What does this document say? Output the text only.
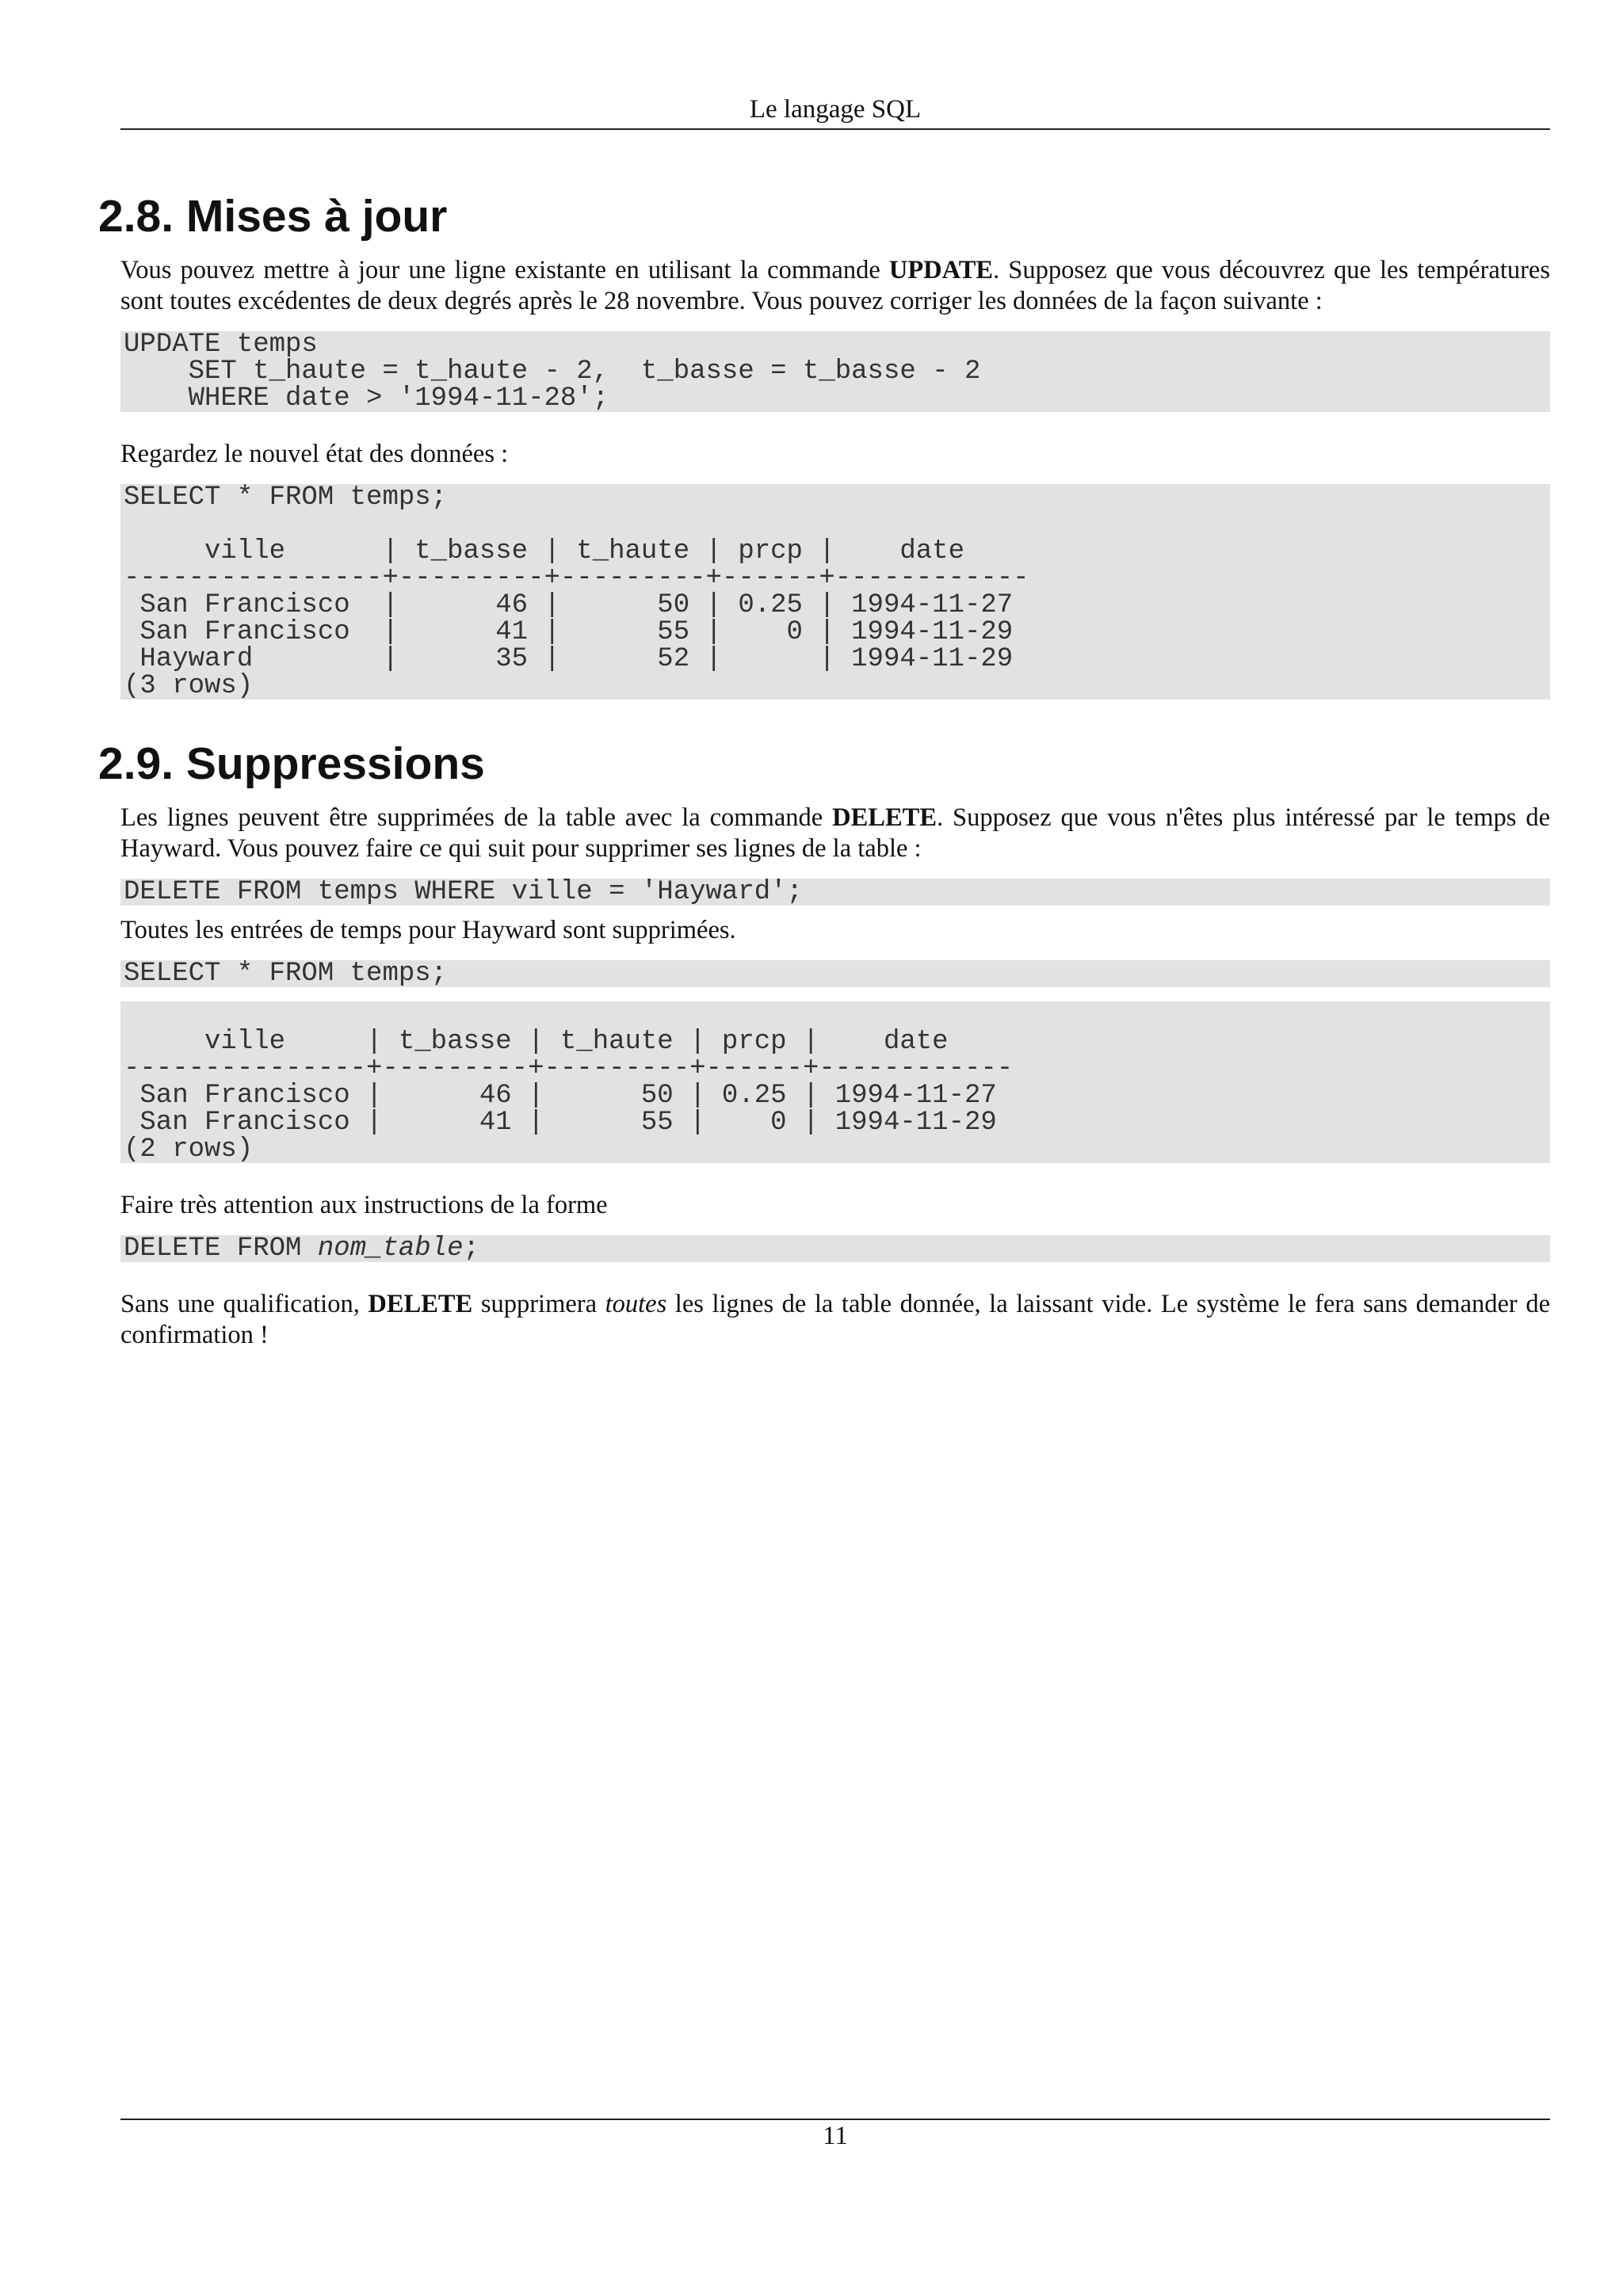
Le langage SQL
2.8. Mises à jour

Vous pouvez mettre à jour une ligne existante en utilisant la commande UPDATE. Supposez que vous découvrez que les températures sont toutes excédentes de deux degrés après le 28 novembre. Vous pouvez corriger les données de la façon suivante :

UPDATE temps
SET t_haute = t_haute - 2,  t_basse = t_basse - 2
WHERE date > '1994-11-28';

Regardez le nouvel état des données :

SELECT * FROM temps;

ville      | t_basse | t_haute | prcp |    date
----------------+---------+---------+------+------------
San Francisco  |      46 |      50 | 0.25 | 1994-11-27
San Francisco  |      41 |      55 |    0 | 1994-11-29
Hayward        |      35 |      52 |      | 1994-11-29
(3 rows)
2.9. Suppressions

Les lignes peuvent être supprimées de la table avec la commande DELETE. Supposez que vous n'êtes plus intéressé par le temps de Hayward. Vous pouvez faire ce qui suit pour supprimer ses lignes de la table :

DELETE FROM temps WHERE ville = 'Hayward';

Toutes les entrées de temps pour Hayward sont supprimées.

SELECT * FROM temps;

ville     | t_basse | t_haute | prcp |    date
---------------+---------+---------+------+------------
San Francisco |      46 |      50 | 0.25 | 1994-11-27
San Francisco |      41 |      55 |    0 | 1994-11-29
(2 rows)

Faire très attention aux instructions de la forme

DELETE FROM nom_table;

Sans une qualification, DELETE supprimera toutes les lignes de la table donnée, la laissant vide. Le système le fera sans demander de confirmation !

11
